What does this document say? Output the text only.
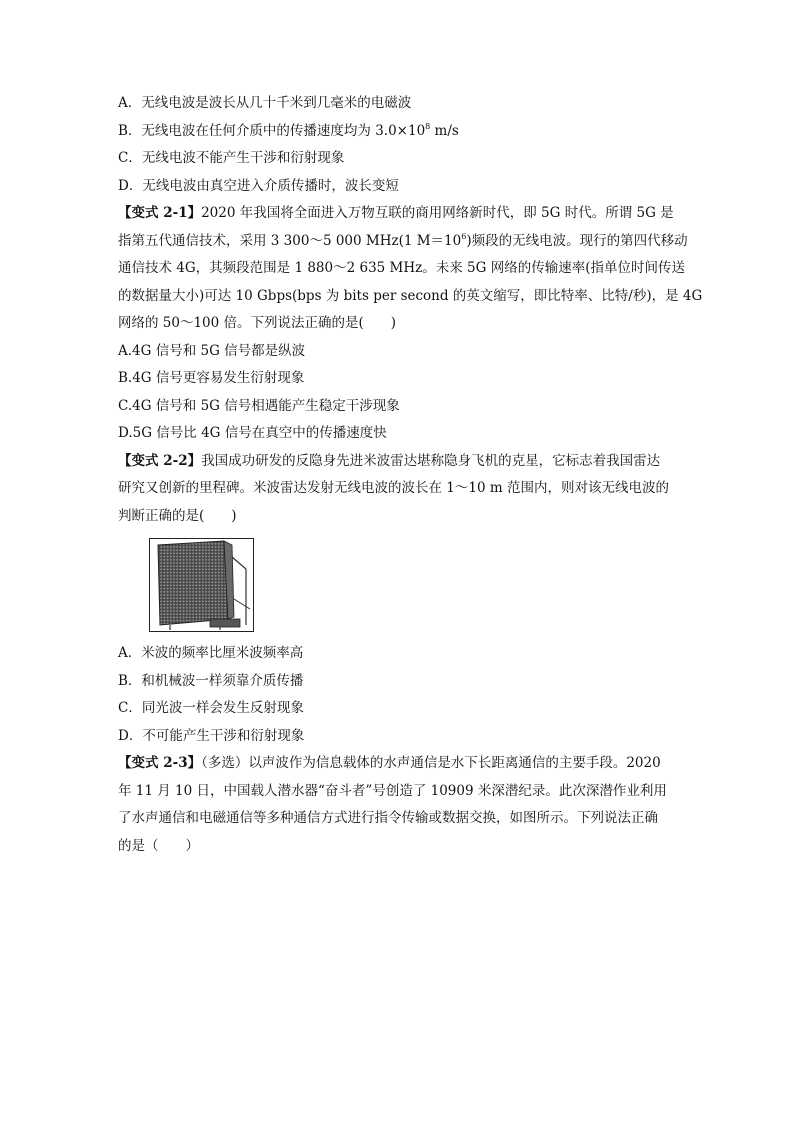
A．无线电波是波长从几十千米到几毫米的电磁波
B．无线电波在任何介质中的传播速度均为 $3.0\times 10^8$ m/s
C．无线电波不能产生干涉和衍射现象
D．无线电波由真空进入介质传播时，波长变短
【变式 2-1】2020 年我国将全面进入万物互联的商用网络新时代，即 5G 时代。所谓 5G 是
指第五代通信技术，采用 3 300～5 000 MHz(1 $M=10^6$)频段的无线电波。现行的第四代移动
通信技术 4G，其频段范围是 1 880～2 635 MHz。未来 5G 网络的传输速率(指单位时间传送
的数据量大小)可达 10 Gbps(bps 为 bits per second 的英文缩写，即比特率、比特/秒)，是 4G
网络的 50～100 倍。下列说法正确的是(　　)
A.4G 信号和 5G 信号都是纵波
B.4G 信号更容易发生衍射现象
C.4G 信号和 5G 信号相遇能产生稳定干涉现象
D.5G 信号比 4G 信号在真空中的传播速度快
【变式 2-2】我国成功研发的反隐身先进米波雷达堪称隐身飞机的克星，它标志着我国雷达
研究又创新的里程碑。米波雷达发射无线电波的波长在 1～10 m 范围内，则对该无线电波的
判断正确的是(　　)
A．米波的频率比厘米波频率高
B．和机械波一样须靠介质传播
C．同光波一样会发生反射现象
D．不可能产生干涉和衍射现象
【变式 2-3】（多选）以声波作为信息载体的水声通信是水下长距离通信的主要手段。2020
年 11 月 10 日，中国载人潜水器“奋斗者”号创造了 10909 米深潜纪录。此次深潜作业利用
了水声通信和电磁通信等多种通信方式进行指令传输或数据交换，如图所示。下列说法正确
的是（　　）
